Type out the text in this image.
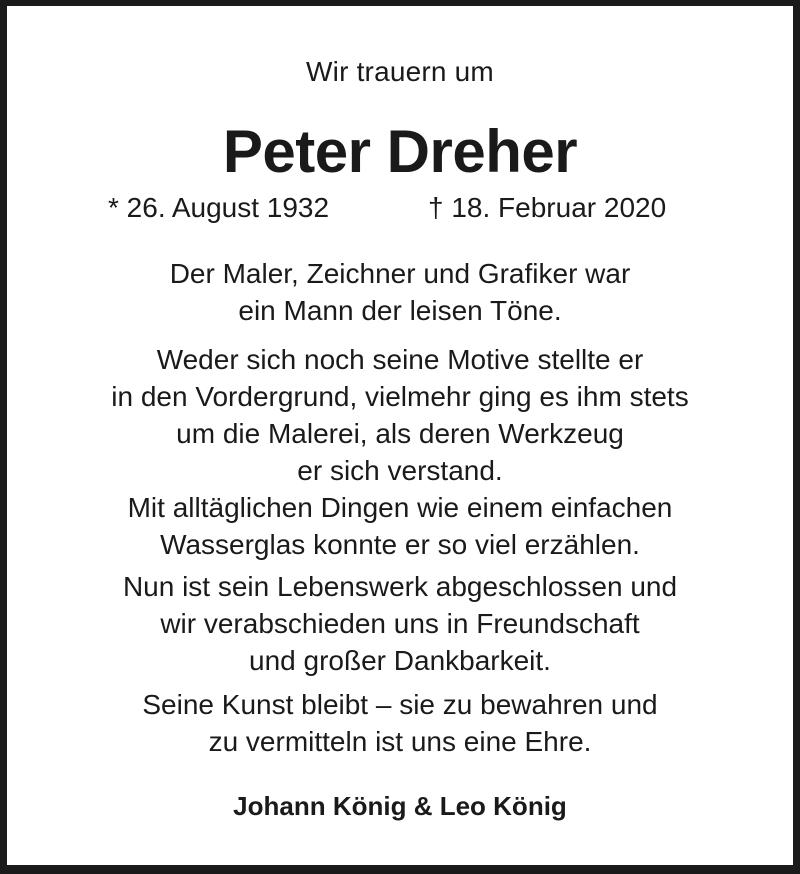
Wir trauern um
Peter Dreher
* 26. August 1932	† 18. Februar 2020
Der Maler, Zeichner und Grafiker war
ein Mann der leisen Töne.
Weder sich noch seine Motive stellte er
in den Vordergrund, vielmehr ging es ihm stets
um die Malerei, als deren Werkzeug
er sich verstand.
Mit alltäglichen Dingen wie einem einfachen
Wasserglas konnte er so viel erzählen.
Nun ist sein Lebenswerk abgeschlossen und
wir verabschieden uns in Freundschaft
und großer Dankbarkeit.
Seine Kunst bleibt – sie zu bewahren und
zu vermitteln ist uns eine Ehre.
Johann König & Leo König
